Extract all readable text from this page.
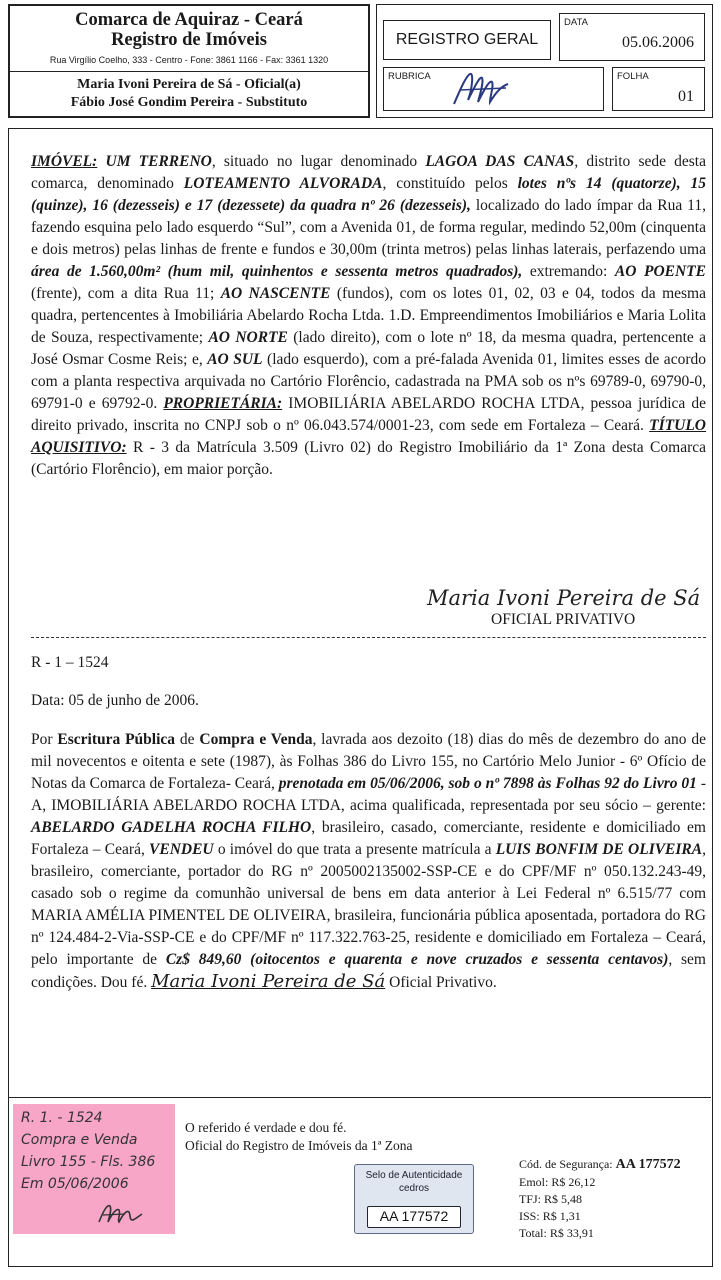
Comarca de Aquiraz - Ceará
Registro de Imóveis
Rua Virgílio Coelho, 333 - Centro - Fone: 3861 1166 - Fax: 3361 1320
Maria Ivoni Pereira de Sá - Oficial(a)
Fábio José Gondim Pereira - Substituto
REGISTRO GERAL
DATA
05.06.2006
RUBRICA	FOLHA
01
IMÓVEL: UM TERRENO, situado no lugar denominado LAGOA DAS CANAS, distrito sede desta comarca, denominado LOTEAMENTO ALVORADA, constituído pelos lotes nºs 14 (quatorze), 15 (quinze), 16 (dezesseis) e 17 (dezessete) da quadra nº 26 (dezesseis), localizado do lado ímpar da Rua 11, fazendo esquina pelo lado esquerdo “Sul”, com a Avenida 01, de forma regular, medindo 52,00m (cinquenta e dois metros) pelas linhas de frente e fundos e 30,00m (trinta metros) pelas linhas laterais, perfazendo uma área de 1.560,00m² (hum mil, quinhentos e sessenta metros quadrados), extremando: AO POENTE (frente), com a dita Rua 11; AO NASCENTE (fundos), com os lotes 01, 02, 03 e 04, todos da mesma quadra, pertencentes à Imobiliária Abelardo Rocha Ltda. 1.D. Empreendimentos Imobiliários e Maria Lolita de Souza, respectivamente; AO NORTE (lado direito), com o lote nº 18, da mesma quadra, pertencente a José Osmar Cosme Reis; e, AO SUL (lado esquerdo), com a pré-falada Avenida 01, limites esses de acordo com a planta respectiva arquivada no Cartório Florêncio, cadastrada na PMA sob os nºs 69789-0, 69790-0, 69791-0 e 69792-0. PROPRIETÁRIA: IMOBILIÁRIA ABELARDO ROCHA LTDA, pessoa jurídica de direito privado, inscrita no CNPJ sob o nº 06.043.574/0001-23, com sede em Fortaleza – Ceará. TÍTULO AQUISITIVO: R - 3 da Matrícula 3.509 (Livro 02) do Registro Imobiliário da 1ª Zona desta Comarca (Cartório Florêncio), em maior porção.
Maria Ivoni Pereira de Sá
OFICIAL PRIVATIVO
R - 1 – 1524
Data: 05 de junho de 2006.
Por Escritura Pública de Compra e Venda, lavrada aos dezoito (18) dias do mês de dezembro do ano de mil novecentos e oitenta e sete (1987), às Folhas 386 do Livro 155, no Cartório Melo Junior - 6º Ofício de Notas da Comarca de Fortaleza- Ceará, prenotada em 05/06/2006, sob o nº 7898 às Folhas 92 do Livro 01 - A, IMOBILIÁRIA ABELARDO ROCHA LTDA, acima qualificada, representada por seu sócio – gerente: ABELARDO GADELHA ROCHA FILHO, brasileiro, casado, comerciante, residente e domiciliado em Fortaleza – Ceará, VENDEU o imóvel do que trata a presente matrícula a LUIS BONFIM DE OLIVEIRA, brasileiro, comerciante, portador do RG nº 2005002135002-SSP-CE e do CPF/MF nº 050.132.243-49, casado sob o regime da comunhão universal de bens em data anterior à Lei Federal nº 6.515/77 com MARIA AMÉLIA PIMENTEL DE OLIVEIRA, brasileira, funcionária pública aposentada, portadora do RG nº 124.484-2-Via-SSP-CE e do CPF/MF nº 117.322.763-25, residente e domiciliado em Fortaleza – Ceará, pelo importante de Cz$ 849,60 (oitocentos e quarenta e nove cruzados e sessenta centavos), sem condições. Dou fé. Maria Ivoni Pereira de Sá Oficial Privativo.
R. 1. - 1524
Compra e Venda
Livro 155 - Fls. 386
Em 05/06/2006
O referido é verdade e dou fé.
Oficial do Registro de Imóveis da 1ª Zona
Selo de Autenticidade
cedros
AA 177572
Cód. de Segurança: AA 177572
Emol: R$ 26,12
TFJ: R$ 5,48
ISS: R$ 1,31
Total: R$ 33,91
